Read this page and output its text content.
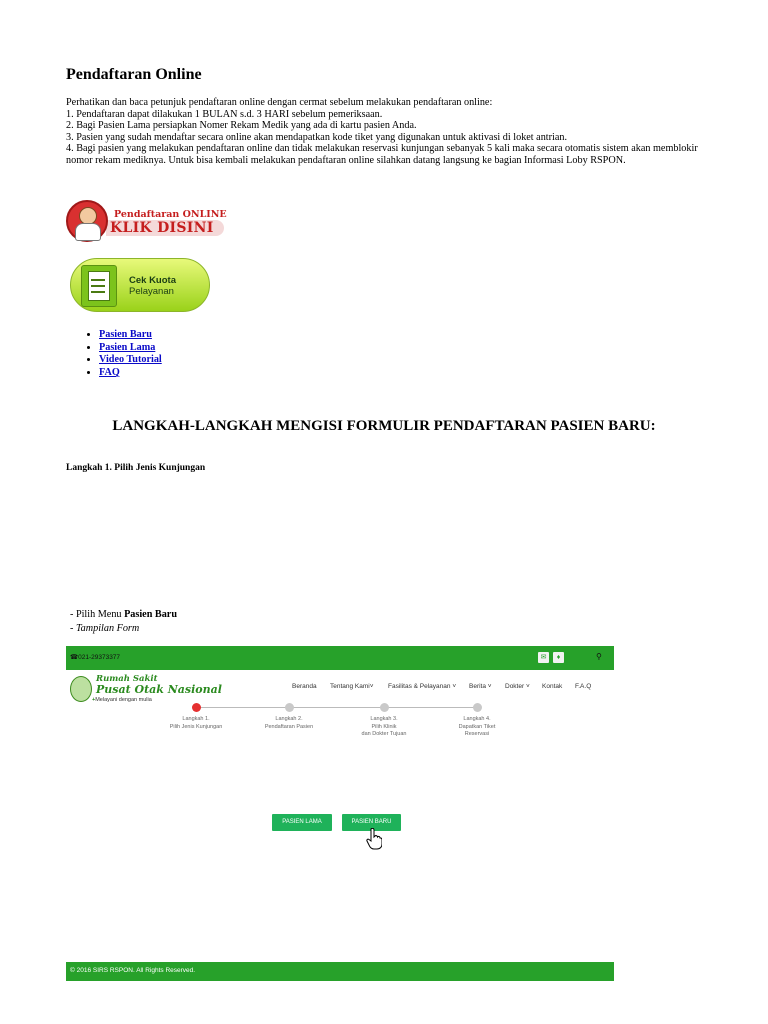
Pendaftaran Online

Perhatikan dan baca petunjuk pendaftaran online dengan cermat sebelum melakukan pendaftaran online:

1. Pendaftaran dapat dilakukan 1 BULAN s.d. 3 HARI sebelum pemeriksaan.

2. Bagi Pasien Lama persiapkan Nomer Rekam Medik yang ada di kartu pasien Anda.

3. Pasien yang sudah mendaftar secara online akan mendapatkan kode tiket yang digunakan untuk aktivasi di loket antrian.

4. Bagi pasien yang melakukan pendaftaran online dan tidak melakukan reservasi kunjungan sebanyak 5 kali maka secara otomatis sistem akan memblokir nomor rekam mediknya. Untuk bisa kembali melakukan pendaftaran online silahkan datang langsung ke bagian Informasi Loby RSPON.

Pendaftaran ONLINE
KLIK DISINI
Cek Kuota
Pelayanan
• Pasien Baru
• Pasien Lama
• Video Tutorial
• FAQ
LANGKAH-LANGKAH MENGISI FORMULIR PENDAFTARAN PASIEN BARU:
Langkah 1. Pilih Jenis Kunjungan
- Pilih Menu Pasien Baru
- Tampilan Form
☎021-29373377	✉	♦	⚲
Rumah Sakit
Pusat Otak Nasional
+Melayani dengan mulia
Beranda Tentang Kami˅ Fasilitas & Pelayanan ˅ Berita ˅ Dokter ˅ Kontak F.A.Q
Langkah 1.
Pilih Jenis Kunjungan
Langkah 2.
Pendaftaran Pasien
Langkah 3.
Pilih Klinik
dan Dokter Tujuan
Langkah 4.
Dapatkan Tiket
Reservasi
PASIEN LAMA	PASIEN BARU
© 2016 SIRS RSPON. All Rights Reserved.
